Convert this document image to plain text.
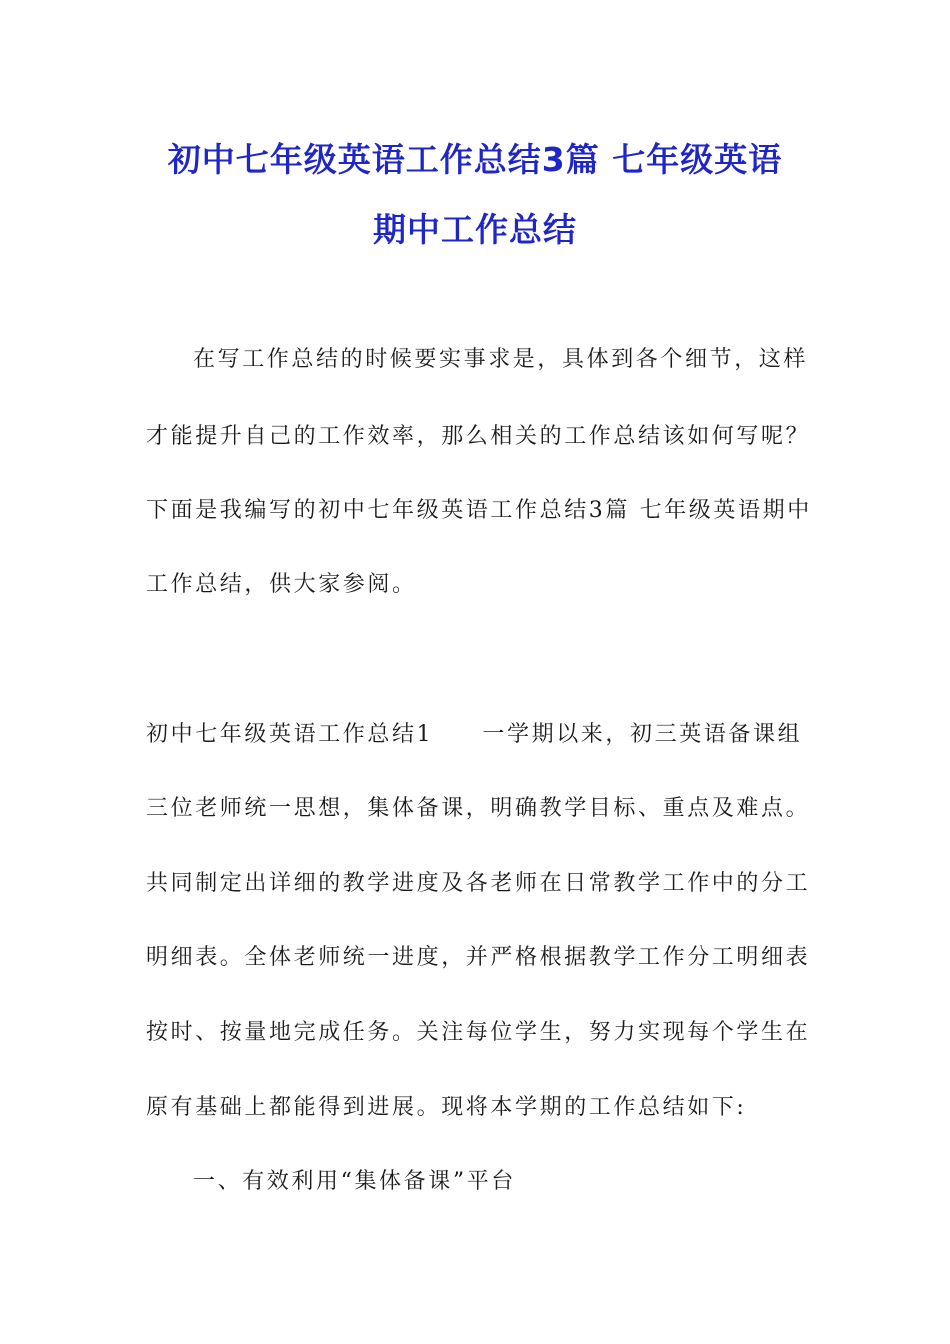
初中七年级英语工作总结3篇 七年级英语
期中工作总结
在写工作总结的时候要实事求是，具体到各个细节，这样
才能提升自己的工作效率，那么相关的工作总结该如何写呢？
下面是我编写的初中七年级英语工作总结3篇 七年级英语期中
工作总结，供大家参阅。
初中七年级英语工作总结1　　一学期以来，初三英语备课组
三位老师统一思想，集体备课，明确教学目标、重点及难点。
共同制定出详细的教学进度及各老师在日常教学工作中的分工
明细表。全体老师统一进度，并严格根据教学工作分工明细表
按时、按量地完成任务。关注每位学生，努力实现每个学生在
原有基础上都能得到进展。现将本学期的工作总结如下:
一、有效利用“集体备课”平台
